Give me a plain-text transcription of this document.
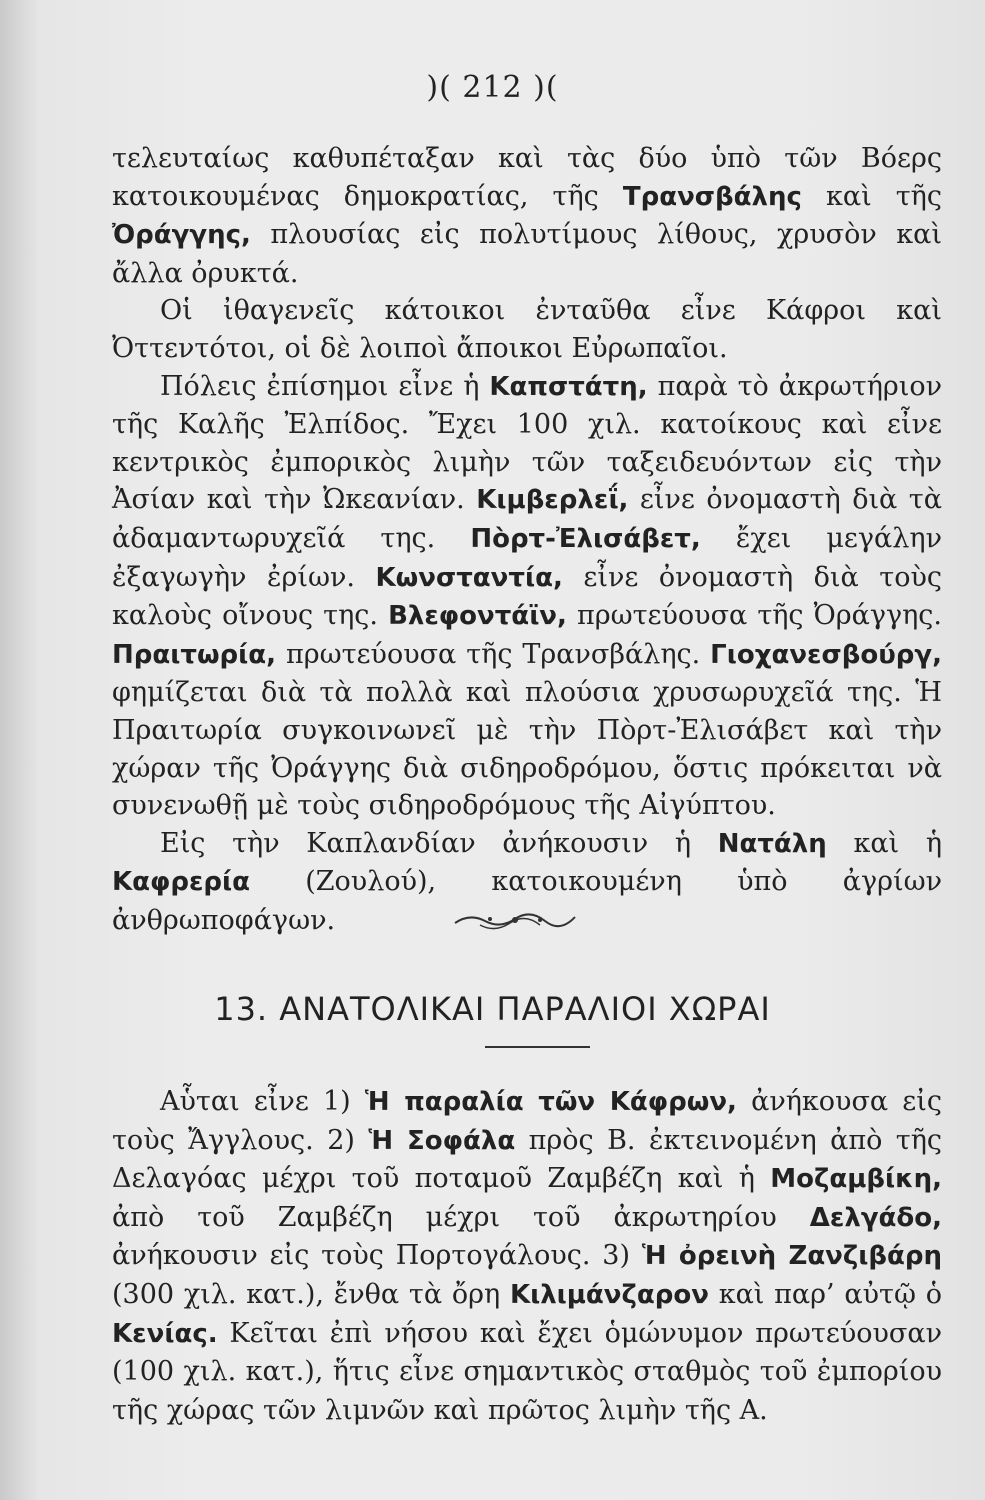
)( 212 )(

τελευταίως καθυπέταξαν καὶ τὰς δύο ὑπὸ τῶν Βόερς κατοικουμένας δημοκρατίας, τῆς Τρανσβάλης καὶ τῆς Ὀράγγης, πλουσίας εἰς πολυτίμους λίθους, χρυσὸν καὶ ἄλλα ὀρυκτά.

Οἱ ἰθαγενεῖς κάτοικοι ἐνταῦθα εἶνε Κάφροι καὶ Ὀττεντότοι, οἱ δὲ λοιποὶ ἄποικοι Εὐρωπαῖοι.

Πόλεις ἐπίσημοι εἶνε ἡ Καπστάτη, παρὰ τὸ ἀκρωτήριον τῆς Καλῆς Ἐλπίδος. Ἔχει 100 χιλ. κατοίκους καὶ εἶνε κεντρικὸς ἐμπορικὸς λιμὴν τῶν ταξειδευόντων εἰς τὴν Ἀσίαν καὶ τὴν Ὠκεανίαν. Κιμβερλεΐ, εἶνε ὀνομαστὴ διὰ τὰ ἀδαμαντωρυχεῖά της. Πὸρτ-Ἐλισάβετ, ἔχει μεγάλην ἐξαγωγὴν ἐρίων. Κωνσταντία, εἶνε ὀνομαστὴ διὰ τοὺς καλοὺς οἴνους της. Βλεφοντάϊν, πρωτεύουσα τῆς Ὀράγγης. Πραιτωρία, πρωτεύουσα τῆς Τρανσβάλης. Γιοχανεσβούργ, φημίζεται διὰ τὰ πολλὰ καὶ πλούσια χρυσωρυχεῖά της. Ἡ Πραιτωρία συγκοινωνεῖ μὲ τὴν Πὸρτ-Ἐλισάβετ καὶ τὴν χώραν τῆς Ὀράγγης διὰ σιδηροδρόμου, ὅστις πρόκειται νὰ συνενωθῇ μὲ τοὺς σιδηροδρόμους τῆς Αἰγύπτου.

Εἰς τὴν Καπλανδίαν ἀνήκουσιν ἡ Νατάλη καὶ ἡ Καφρερία (Ζουλού), κατοικουμένη ὑπὸ ἀγρίων ἀνθρωποφάγων.

13. ΑΝΑΤΟΛΙΚΑΙ ΠΑΡΑΛΙΟΙ ΧΩΡΑΙ

Αὗται εἶνε 1) Ἡ παραλία τῶν Κάφρων, ἀνήκουσα εἰς τοὺς Ἄγγλους. 2) Ἡ Σοφάλα πρὸς Β. ἐκτεινομένη ἀπὸ τῆς Δελαγόας μέχρι τοῦ ποταμοῦ Ζαμβέζη καὶ ἡ Μοζαμβίκη, ἀπὸ τοῦ Ζαμβέζη μέχρι τοῦ ἀκρωτηρίου Δελγάδο, ἀνήκουσιν εἰς τοὺς Πορτογάλους. 3) Ἡ ὀρεινὴ Ζανζιβάρη (300 χιλ. κατ.), ἔνθα τὰ ὄρη Κιλιμάνζαρον καὶ παρ’ αὐτῷ ὁ Κενίας. Κεῖται ἐπὶ νήσου καὶ ἔχει ὁμώνυμον πρωτεύουσαν (100 χιλ. κατ.), ἥτις εἶνε σημαντικὸς σταθμὸς τοῦ ἐμπορίου τῆς χώρας τῶν λιμνῶν καὶ πρῶτος λιμὴν τῆς Α.
